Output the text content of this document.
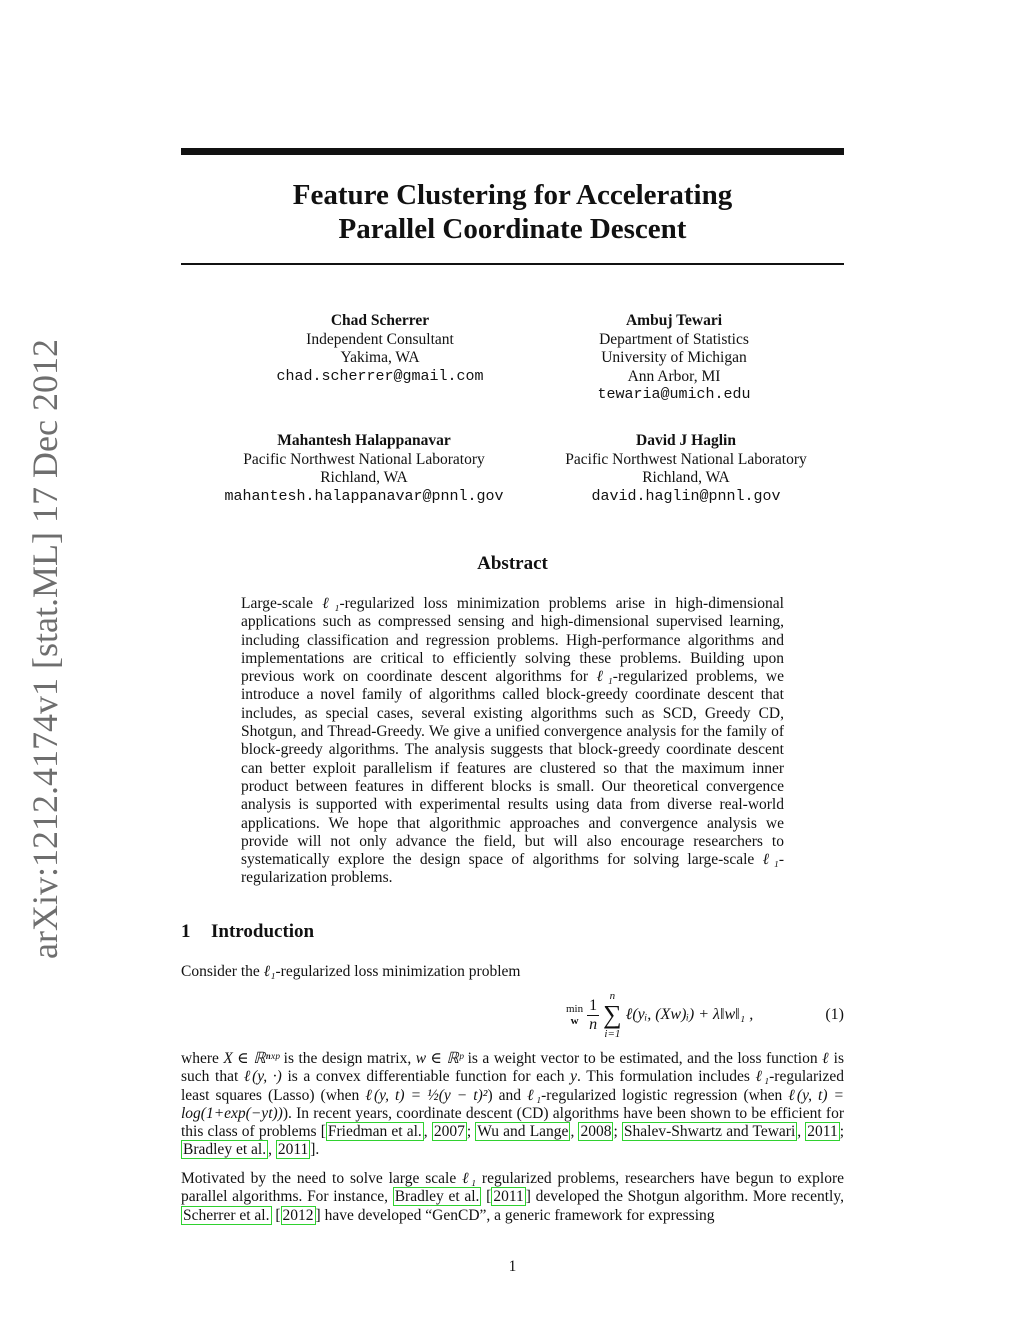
arXiv:1212.4174v1 [stat.ML] 17 Dec 2012
Feature Clustering for Accelerating
Parallel Coordinate Descent
Chad Scherrer
Independent Consultant
Yakima, WA
chad.scherrer@gmail.com
Ambuj Tewari
Department of Statistics
University of Michigan
Ann Arbor, MI
tewaria@umich.edu
Mahantesh Halappanavar
Pacific Northwest National Laboratory
Richland, WA
mahantesh.halappanavar@pnnl.gov
David J Haglin
Pacific Northwest National Laboratory
Richland, WA
david.haglin@pnnl.gov
Abstract
Large-scale ℓ₁-regularized loss minimization problems arise in high-dimensional applications such as compressed sensing and high-dimensional supervised learning, including classification and regression problems. High-performance algorithms and implementations are critical to efficiently solving these problems. Building upon previous work on coordinate descent algorithms for ℓ₁-regularized problems, we introduce a novel family of algorithms called block-greedy coordinate descent that includes, as special cases, several existing algorithms such as SCD, Greedy CD, Shotgun, and Thread-Greedy. We give a unified convergence analysis for the family of block-greedy algorithms. The analysis suggests that block-greedy coordinate descent can better exploit parallelism if features are clustered so that the maximum inner product between features in different blocks is small. Our theoretical convergence analysis is supported with experimental results using data from diverse real-world applications. We hope that algorithmic approaches and convergence analysis we provide will not only advance the field, but will also encourage researchers to systematically explore the design space of algorithms for solving large-scale ℓ₁-regularization problems.
1 Introduction
Consider the ℓ₁-regularized loss minimization problem
min
w $\frac{1}{n}$
n
∑
i=1 ℓ(yᵢ, (Xw)ᵢ) + λ‖w‖₁ ,	(1)
where X ∈ ℝⁿˣᵖ is the design matrix, w ∈ ℝᵖ is a weight vector to be estimated, and the loss function ℓ is such that ℓ(y, ·) is a convex differentiable function for each y. This formulation includes ℓ₁-regularized least squares (Lasso) (when ℓ(y, t) = ½(y − t)²) and ℓ₁-regularized logistic regression (when ℓ(y, t) = log(1+exp(−yt))). In recent years, coordinate descent (CD) algorithms have been shown to be efficient for this class of problems [ Friedman et al. , 2007 ; Wu and Lange , 2008 ; Shalev-Shwartz and Tewari , 2011 ; Bradley et al. , 2011 ].
Motivated by the need to solve large scale ℓ₁ regularized problems, researchers have begun to explore parallel algorithms. For instance, Bradley et al. [ 2011 ] developed the Shotgun algorithm. More recently, Scherrer et al. [ 2012 ] have developed “GenCD”, a generic framework for expressing
1
